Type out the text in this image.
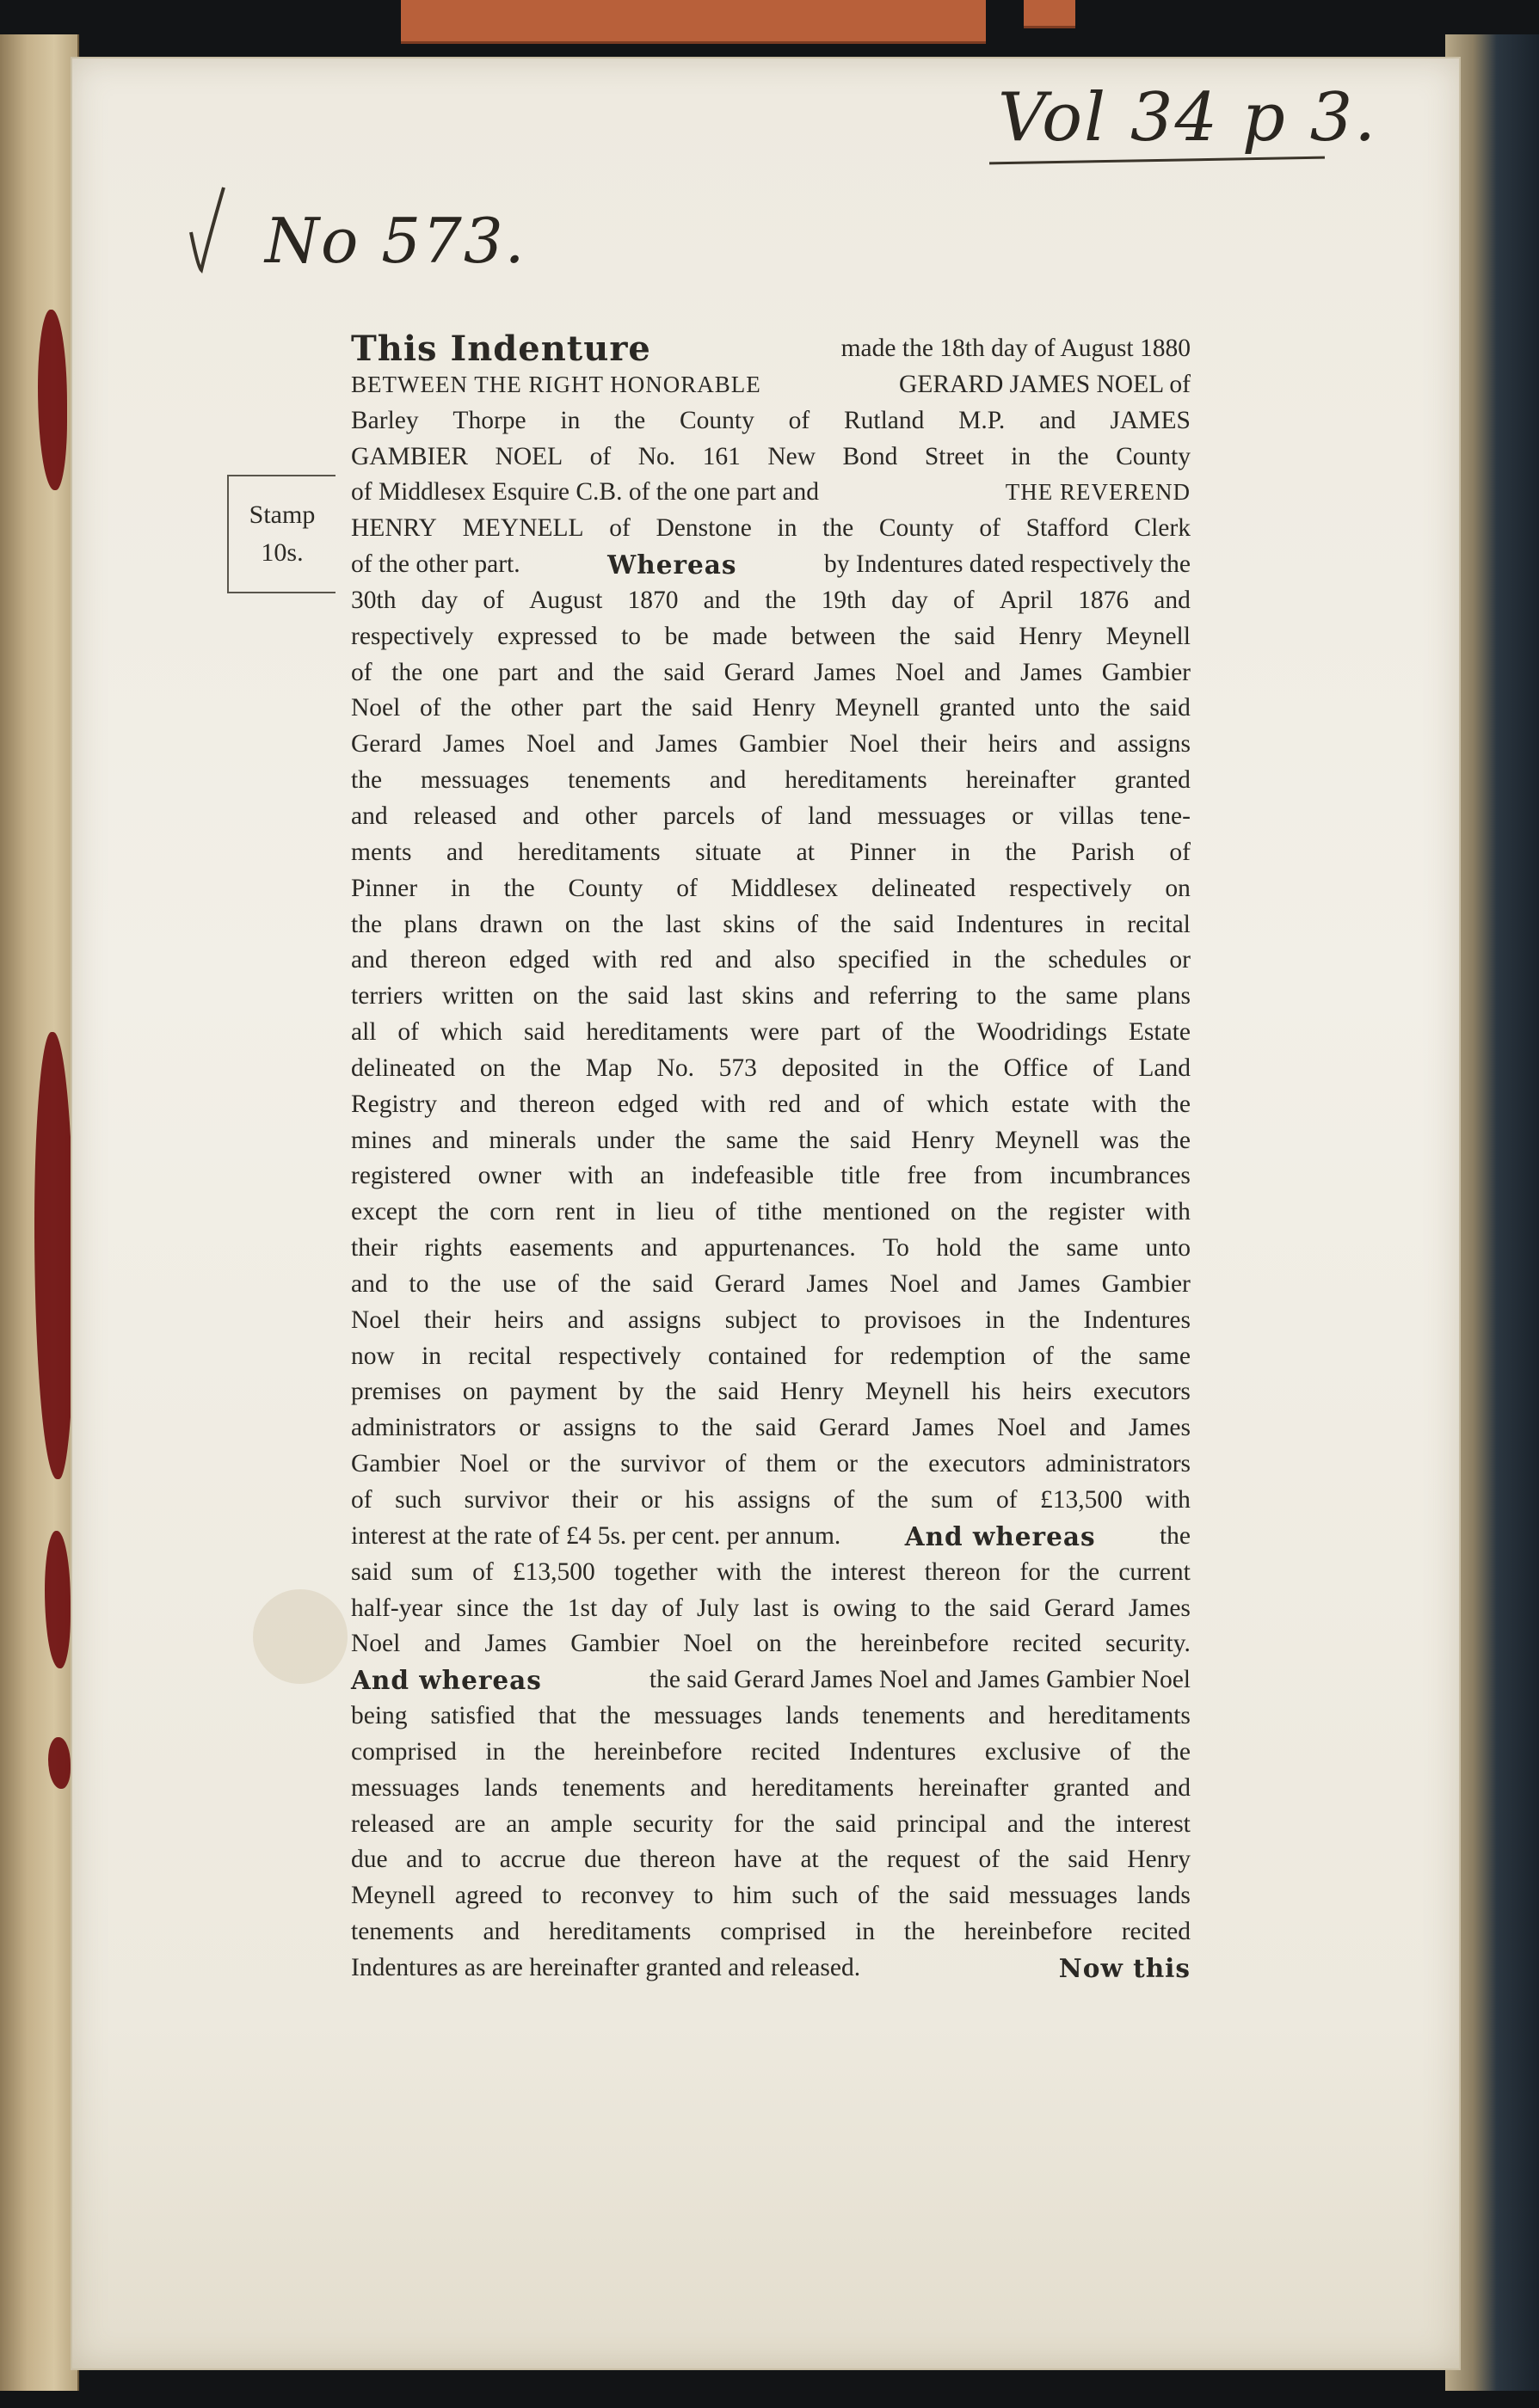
Vol 34 p 3.
No 573.
Stamp
10s.
This Indenture	made the 18th day of August 1880
BETWEEN THE RIGHT HONORABLE	GERARD JAMES NOEL of
Barley Thorpe in the County of Rutland M.P. and JAMES
GAMBIER NOEL of No. 161 New Bond Street in the County
of Middlesex Esquire C.B. of the one part and	THE REVEREND
HENRY MEYNELL of Denstone in the County of Stafford Clerk
of the other part.	Whereas	by Indentures dated respectively the
30th day of August 1870 and the 19th day of April 1876 and
respectively expressed to be made between the said Henry Meynell
of the one part and the said Gerard James Noel and James Gambier
Noel of the other part the said Henry Meynell granted unto the said
Gerard James Noel and James Gambier Noel their heirs and assigns
the messuages tenements and hereditaments hereinafter granted
and released and other parcels of land messuages or villas tene-
ments and hereditaments situate at Pinner in the Parish of
Pinner in the County of Middlesex delineated respectively on
the plans drawn on the last skins of the said Indentures in recital
and thereon edged with red and also specified in the schedules or
terriers written on the said last skins and referring to the same plans
all of which said hereditaments were part of the Woodridings Estate
delineated on the Map No. 573 deposited in the Office of Land
Registry and thereon edged with red and of which estate with the
mines and minerals under the same the said Henry Meynell was the
registered owner with an indefeasible title free from incumbrances
except the corn rent in lieu of tithe mentioned on the register with
their rights easements and appurtenances. To hold the same unto
and to the use of the said Gerard James Noel and James Gambier
Noel their heirs and assigns subject to provisoes in the Indentures
now in recital respectively contained for redemption of the same
premises on payment by the said Henry Meynell his heirs executors
administrators or assigns to the said Gerard James Noel and James
Gambier Noel or the survivor of them or the executors administrators
of such survivor their or his assigns of the sum of £13,500 with
interest at the rate of £4 5s. per cent. per annum.	And whereas	the
said sum of £13,500 together with the interest thereon for the current
half-year since the 1st day of July last is owing to the said Gerard James
Noel and James Gambier Noel on the hereinbefore recited security.
And whereas	the said Gerard James Noel and James Gambier Noel
being satisfied that the messuages lands tenements and hereditaments
comprised in the hereinbefore recited Indentures exclusive of the
messuages lands tenements and hereditaments hereinafter granted and
released are an ample security for the said principal and the interest
due and to accrue due thereon have at the request of the said Henry
Meynell agreed to reconvey to him such of the said messuages lands
tenements and hereditaments comprised in the hereinbefore recited
Indentures as are hereinafter granted and released.	Now this
